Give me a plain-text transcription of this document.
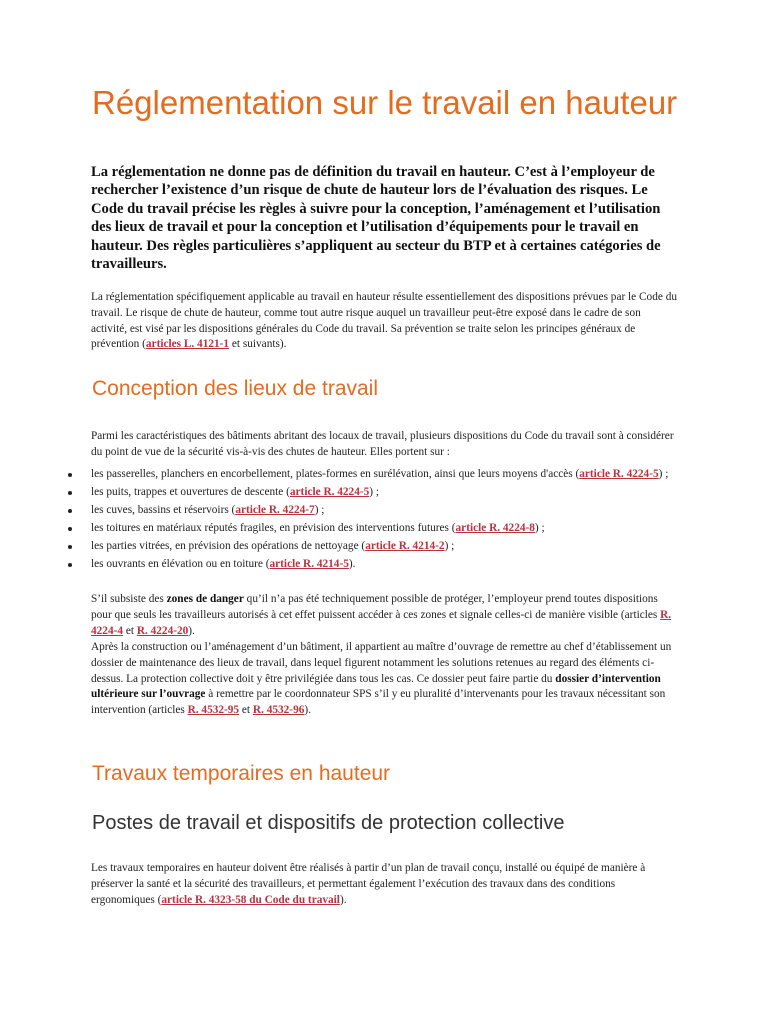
Réglementation sur le travail en hauteur

La réglementation ne donne pas de définition du travail en hauteur. C’est à l’employeur de rechercher l’existence d’un risque de chute de hauteur lors de l’évaluation des risques. Le Code du travail précise les règles à suivre pour la conception, l’aménagement et l’utilisation des lieux de travail et pour la conception et l’utilisation d’équipements pour le travail en hauteur. Des règles particulières s’appliquent au secteur du BTP et à certaines catégories de travailleurs.

La réglementation spécifiquement applicable au travail en hauteur résulte essentiellement des dispositions prévues par le Code du travail. Le risque de chute de hauteur, comme tout autre risque auquel un travailleur peut-être exposé dans le cadre de son activité, est visé par les dispositions générales du Code du travail. Sa prévention se traite selon les principes généraux de prévention (articles L. 4121-1 et suivants).

Conception des lieux de travail

Parmi les caractéristiques des bâtiments abritant des locaux de travail, plusieurs dispositions du Code du travail sont à considérer du point de vue de la sécurité vis-à-vis des chutes de hauteur. Elles portent sur :

les passerelles, planchers en encorbellement, plates-formes en surélévation, ainsi que leurs moyens d'accès (article R. 4224-5) ;
les puits, trappes et ouvertures de descente (article R. 4224-5) ;
les cuves, bassins et réservoirs (article R. 4224-7) ;
les toitures en matériaux réputés fragiles, en prévision des interventions futures (article R. 4224-8) ;
les parties vitrées, en prévision des opérations de nettoyage (article R. 4214-2) ;
les ouvrants en élévation ou en toiture (article R. 4214-5).

S’il subsiste des zones de danger qu’il n’a pas été techniquement possible de protéger, l’employeur prend toutes dispositions pour que seuls les travailleurs autorisés à cet effet puissent accéder à ces zones et signale celles-ci de manière visible (articles R. 4224-4 et R. 4224-20).

Après la construction ou l’aménagement d’un bâtiment, il appartient au maître d’ouvrage de remettre au chef d’établissement un dossier de maintenance des lieux de travail, dans lequel figurent notamment les solutions retenues au regard des éléments ci-dessus. La protection collective doit y être privilégiée dans tous les cas. Ce dossier peut faire partie du dossier d’intervention ultérieure sur l’ouvrage à remettre par le coordonnateur SPS s’il y eu pluralité d’intervenants pour les travaux nécessitant son intervention (articles R. 4532-95 et R. 4532-96).

Travaux temporaires en hauteur
Postes de travail et dispositifs de protection collective

Les travaux temporaires en hauteur doivent être réalisés à partir d’un plan de travail conçu, installé ou équipé de manière à préserver la santé et la sécurité des travailleurs, et permettant également l’exécution des travaux dans des conditions ergonomiques (article R. 4323-58 du Code du travail).
